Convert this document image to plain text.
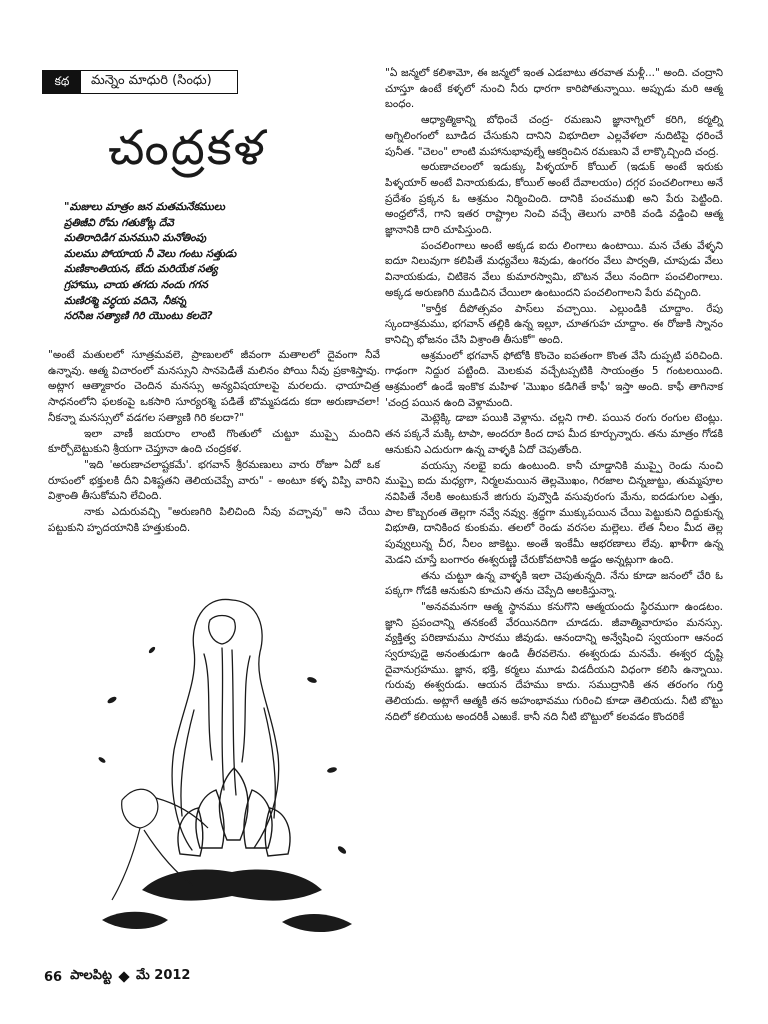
కథ	మన్నెం మాధురి (సింధు)
చంద్రకళ

"మజులు మాత్రం జన మతమనేకములు

ప్రతిజీవి రోమ గతుకోట్ల దేవె

మతిరాదిడిగ మనముని మనోతింపు

మలము పోయాయ నీ వెలు గంటు సత్తుడు

మణికాంతియన, బేదు మరియేక సత్య

గ్రహాము, చాయ తగదు నందు గగన

మణిరశ్మి వర్ధయ వదినె, నీకన్న

సరసిజ సత్యాణి గిరి యొంటు కలదె?

"అంటే మతులలో సూత్రమవలె, ప్రాణులలో జీవంగా మతాలలో దైవంగా నీవే ఉన్నావు. ఆత్మ విచారంలో మనస్సుని సానపెడితే మలినం పోయి నీవు ప్రకాశిస్తావు. అట్లాగ ఆత్మాకారం చెందిన మనస్సు అన్యవిషయాలపై మరలదు. ఛాయాచిత్ర సాధనంలోని ఫలకంపై ఒకసారి సూర్యరశ్మి పడితే బొమ్మపడదు కదా అరుణాచలా! నీకన్నా మనస్సులో వడగల సత్యాణి గిరి కలదా?"

ఇలా వాణీ జయరాం లాంటి గొంతులో చుట్టూ ముప్పై మందిని కూర్చోబెట్టుకుని శ్రీయగా చెప్తూనా ఉంది చంద్రకళ.

"ఇది 'అరుణాచలాష్టకమే'. భగవాన్ శ్రీరమణులు వారు రోజూ ఏదో ఒక రూపంలో భక్తులకి దీని విశిష్టతని తెలియచెప్పే వారు" - అంటూ కళ్ళ విప్పి వారిని విశ్రాంతి తీసుకోమని లేచింది.

నాకు ఎదురువచ్చి "అరుణగిరి పిలిచింది నీవు వచ్చావు" అని చేయి పట్టుకుని హృదయానికి హత్తుకుంది.

"ఏ జన్మలో కలిశామో, ఈ జన్మలో ఇంత ఎడబాటు తరవాత మళ్లీ..." అంది. చంద్రాని చూస్తూ ఉంటే కళ్ళలో నుంచి నీరు ధారగా కారిపోతున్నాయి. అప్పుడు మరి ఆత్మ బంధం.

ఆధ్యాత్మికాన్ని బోధించే చంద్ర- రమణుని జ్ఞానాగ్నిలో కరిగి, కర్మల్ని అగ్నిలింగంలో బూడిద చేసుకుని దానిని విభూదిలా ఎల్లవేళలా నుదిటిపై ధరించే పునీత. "చెలం" లాంటి మహానుభావుల్నే ఆకర్షించిన రమణుని వే లాక్కొచ్చింది చంద్ర.

అరుణాచలంలో ఇడుక్కు పిళ్ళయార్ కోయిల్ (ఇడుక్ అంటే ఇరుకు పిళ్ళయార్ అంటే వినాయకుడు, కోయిల్ అంటే దేవాలయం) దగ్గర పంచలింగాలు అనే ప్రదేశం ప్రక్కన ఓ ఆశ్రమం నిర్మించింది. దానికి పంచముఖి అని పేరు పెట్టింది. అంధ్రలోనే, గాని ఇతర రాష్ట్రాల నించి వచ్చే తెలుగు వారికి వండి వడ్డించి ఆత్మ జ్ఞానానికి దారి చూపిస్తుంది.

పంచలింగాలు అంటే అక్కడ ఐదు లింగాలు ఉంటాయి. మన చేతు వేళ్ళని ఐదూ నిలువుగా కలిపితే మధ్యవేలు శివుడు, ఉంగరం వేలు పార్వతి, చూపుడు వేలు వినాయకుడు, చిటికెన వేలు కుమారస్వామి, బొటన వేలు నందిగా పంచలింగాలు. అక్కడ అరుణగిరి ముడిచిన చేయిలా ఉంటుందని పంచలింగాలని పేరు వచ్చింది.

"కార్తీక దీపోత్సవం పాస్‌లు వచ్చాయి. ఎల్లుండికి చూద్దాం. రేపు స్కందాశ్రమము, భగవాన్ తల్లికి ఉన్న ఇల్లూ, చూతగుహ చూద్దాం. ఈ రోజుకి స్నానం కానిచ్చి భోజనం చేసి విశ్రాంతి తీసుకో" అంది.

ఆశ్రమంలో భగవాన్ ఫోటోకి కొంచెం ఐపతంగా కొంత వేసి దుప్పటి పరిచింది. గాఢంగా నిద్దుర పట్టింది. మెలకువ వచ్చేటప్పటికి సాయంత్రం 5 గంటలయింది. ఆశ్రమంలో ఉండే ఇంకొక మహిళ 'మొఖం కడిగితే కాఫీ' ఇస్తా అంది. కాఫీ తాగినాక 'చంద్ర పయిన ఉంది వెళ్లామంది.

మెట్లెక్కి డాబా పయికి వెళ్లాను. చల్లని గాలి. పయిన రంగు రంగుల టెంట్లు. తన పక్కనే మక్కి టాపా, అందరూ కింద దాప మీద కూర్చున్నారు. తను మాత్రం గోడకి ఆనుకుని ఎదురుగా ఉన్న వాళ్ళకి ఏదో చెపుతోంది.

వయస్సు నలభై ఐదు ఉంటుంది. కానీ చూడ్డానికి ముప్పై రెండు నుంచి ముప్పై ఐదు మధ్యగా, నిర్మలమయిన తెల్లమొఖం, గిరజాల చిన్నజుట్టు, తుమ్మపూల నవిపితే నేలకి అంటుకునే జిగురు పువ్వొడి వసువురంగు మేను, ఐదడుగుల ఎత్తు, పాల కొబ్బరంత తెల్లగా నవ్వే నవ్వు. శ్రద్ధగా ముక్కుపయిన చేయి పెట్టుకుని దిద్దుకున్న విభూతి, దానికింద కుంకుమ. తలలో రెండు వరసల మల్లెలు. లేత నీలం మీద తెల్ల పువ్వులున్న చీర, నీలం జాకెట్టు. అంతే ఇంకేమీ ఆభరణాలు లేవు. ఖాళీగా ఉన్న మెడని చూస్తే బంగారం ఈశ్వరుణ్ణి చేరుకోవటానికి అడ్డం అన్నట్లుగా ఉంది.

తను చుట్టూ ఉన్న వాళ్ళకి ఇలా చెపుతున్నది. నేను కూడా జనంలో చేరి ఓ పక్కగా గోడకి ఆనుకుని కూచుని తను చెప్పేది ఆలకిస్తున్నా.

"అనవమనగా ఆత్మ స్థానము కనుగొని ఆత్మయందు స్థిరముగా ఉండటం. జ్ఞాని ప్రపంచాన్ని తనకంటే వేరయినదిగా చూడదు. జీవాత్మివారూపం మనస్సు. వ్యక్తిత్వ పరిణామము సారము జీవుడు. ఆనందాన్ని అన్వేషించి స్వయంగా ఆనంద స్వరూపుడై అనంతుడుగా ఉండి తీరవలెను. ఈశ్వరుడు మనమే. ఈశ్వర దృష్టి దైవానుగ్రహము. జ్ఞాన, భక్తి, కర్మలు మూడు విడదీయని విధంగా కలిసి ఉన్నాయి. గురువు ఈశ్వరుడు. ఆయన దేహము కాదు. సముద్రానికి తన తరంగం గుర్తి తెలియదు. అట్లాగే ఆత్మకి తన అహంభావము గురించి కూడా తెలియదు. నీటి బొట్టు నదిలో కలియుట అందరికీ ఎఱుకే. కానీ నది నీటి బొట్టులో కలవడం కొందరికే

66 పాలపిట్ట మే 2012
